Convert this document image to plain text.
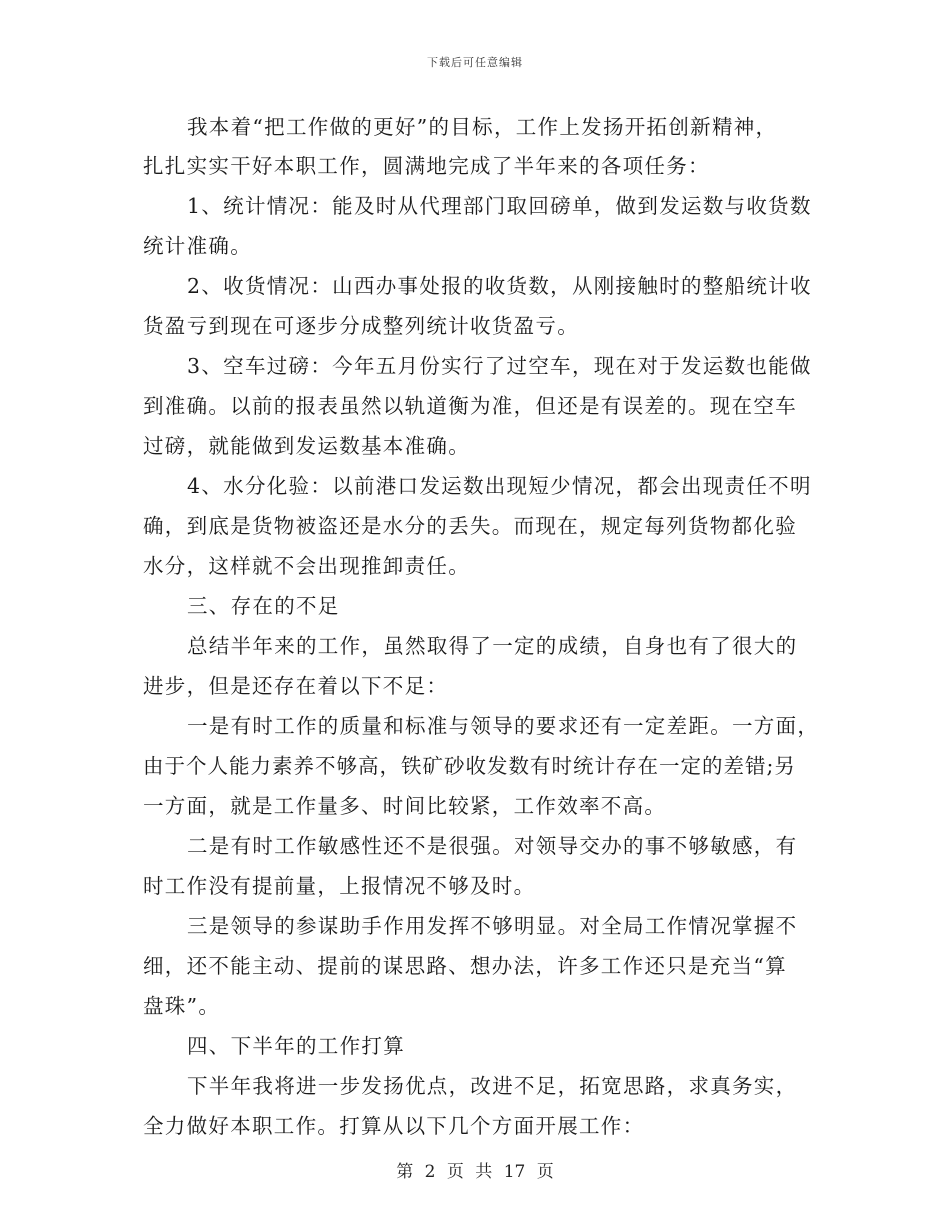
下载后可任意编辑
我本着“把工作做的更好”的目标，工作上发扬开拓创新精神，
扎扎实实干好本职工作，圆满地完成了半年来的各项任务：
1、统计情况：能及时从代理部门取回磅单，做到发运数与收货数
统计准确。
2、收货情况：山西办事处报的收货数，从刚接触时的整船统计收
货盈亏到现在可逐步分成整列统计收货盈亏。
3、空车过磅：今年五月份实行了过空车，现在对于发运数也能做
到准确。以前的报表虽然以轨道衡为准，但还是有误差的。现在空车
过磅，就能做到发运数基本准确。
4、水分化验：以前港口发运数出现短少情况，都会出现责任不明
确，到底是货物被盗还是水分的丢失。而现在，规定每列货物都化验
水分，这样就不会出现推卸责任。
三、存在的不足
总结半年来的工作，虽然取得了一定的成绩，自身也有了很大的
进步，但是还存在着以下不足：
一是有时工作的质量和标准与领导的要求还有一定差距。一方面，
由于个人能力素养不够高，铁矿砂收发数有时统计存在一定的差错;另
一方面，就是工作量多、时间比较紧，工作效率不高。
二是有时工作敏感性还不是很强。对领导交办的事不够敏感，有
时工作没有提前量，上报情况不够及时。
三是领导的参谋助手作用发挥不够明显。对全局工作情况掌握不
细，还不能主动、提前的谋思路、想办法，许多工作还只是充当“算
盘珠”。
四、下半年的工作打算
下半年我将进一步发扬优点，改进不足，拓宽思路，求真务实，
全力做好本职工作。打算从以下几个方面开展工作：
第 2 页 共 17 页
